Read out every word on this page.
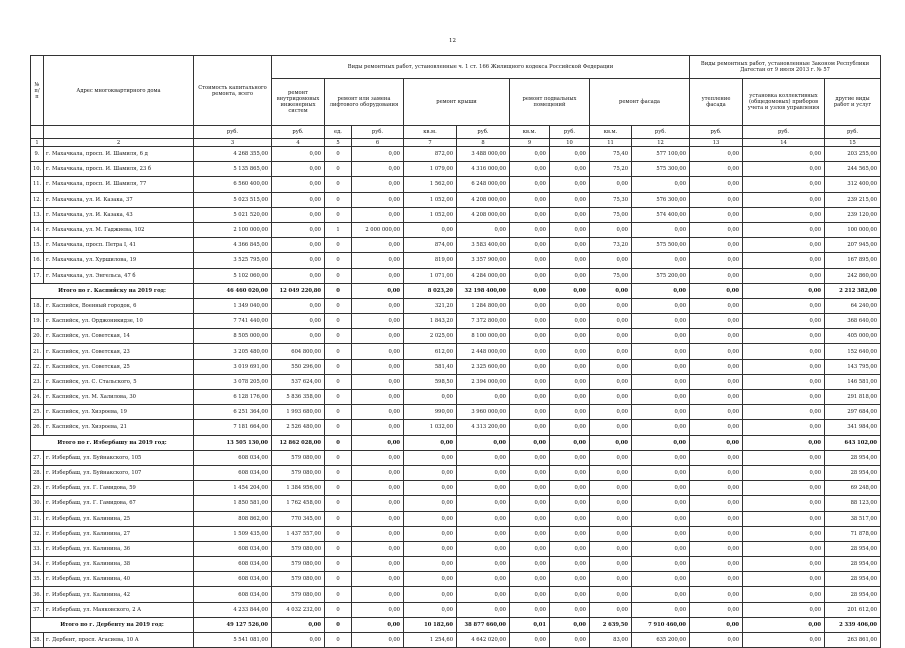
12
№ п/п	Адрес многоквартирного дома	Стоимость капитального ремонта, всего	Виды ремонтных работ, установленные ч. 1 ст. 166 Жилищного кодекса Российской Федерации									Виды ремонтных работ, установленные Законом Республики Дагестан от 9 июля 2013 г. № 57		
			ремонт внутридомовых инженерных систем	ремонт или замена лифтового оборудования		ремонт крыши		ремонт подвальных помещений		ремонт фасада		утепление фасада	установка коллективных (общедомовых) приборов учета и узлов управления	другие виды работ и услуг
		руб.	руб.	ед.	руб.	кв.м.	руб.	кв.м.	руб.	кв.м.	руб.	руб.	руб.	руб.
1	2	3	4	5	6	7	8	9	10	11	12	13	14	15
9.	г. Махачкала, просп. И. Шамиля, 6 д	4 268 355,00	0,00	0	0,00	872,00	3 488 000,00	0,00	0,00	75,40	577 100,00	0,00	0,00	203 255,00
10.	г. Махачкала, просп. И. Шамиля, 23 б	5 135 865,00	0,00	0	0,00	1 079,00	4 316 000,00	0,00	0,00	75,20	575 300,00	0,00	0,00	244 565,00
11.	г. Махачкала, просп. И. Шамиля, 77	6 560 400,00	0,00	0	0,00	1 562,00	6 248 000,00	0,00	0,00	0,00	0,00	0,00	0,00	312 400,00
12.	г. Махачкала, ул. И. Казака, 37	5 023 515,00	0,00	0	0,00	1 052,00	4 208 000,00	0,00	0,00	75,30	576 300,00	0,00	0,00	239 215,00
13.	г. Махачкала, ул. И. Казака, 43	5 021 520,00	0,00	0	0,00	1 052,00	4 208 000,00	0,00	0,00	75,00	574 400,00	0,00	0,00	239 120,00
14.	г. Махачкала, ул. М. Гаджиева, 102	2 100 000,00	0,00	1	2 000 000,00	0,00	0,00	0,00	0,00	0,00	0,00	0,00	0,00	100 000,00
15.	г. Махачкала, просп. Петра I, 41	4 366 845,00	0,00	0	0,00	874,00	3 583 400,00	0,00	0,00	73,20	575 500,00	0,00	0,00	207 945,00
16.	г. Махачкала, ул. Хуршилова, 19	3 525 795,00	0,00	0	0,00	819,00	3 357 900,00	0,00	0,00	0,00	0,00	0,00	0,00	167 895,00
17.	г. Махачкала, ул. Энгельса, 47 б	5 102 060,00	0,00	0	0,00	1 071,00	4 284 000,00	0,00	0,00	75,00	575 200,00	0,00	0,00	242 860,00
Итого по г. Каспийску на 2019 год:		46 460 020,00	12 049 220,80	0	0,00	8 023,20	32 198 400,00	0,00	0,00	0,00	0,00	0,00	0,00	2 212 382,00
18.	г. Каспийск, Военный городок, 6	1 349 040,00	0,00	0	0,00	321,20	1 284 800,00	0,00	0,00	0,00	0,00	0,00	0,00	64 240,00
19.	г. Каспийск, ул. Орджоникидзе, 10	7 741 440,00	0,00	0	0,00	1 843,20	7 372 800,00	0,00	0,00	0,00	0,00	0,00	0,00	368 640,00
20.	г. Каспийск, ул. Советская, 14	8 505 000,00	0,00	0	0,00	2 025,00	8 100 000,00	0,00	0,00	0,00	0,00	0,00	0,00	405 000,00
21.	г. Каспийск, ул. Советская, 23	3 205 480,00	604 800,00	0	0,00	612,00	2 448 000,00	0,00	0,00	0,00	0,00	0,00	0,00	152 640,00
22.	г. Каспийск, ул. Советская, 25	3 019 691,00	550 296,00	0	0,00	581,40	2 325 600,00	0,00	0,00	0,00	0,00	0,00	0,00	143 795,00
23.	г. Каспийск, ул. С. Стальского, 5	3 078 205,00	537 624,00	0	0,00	598,50	2 394 000,00	0,00	0,00	0,00	0,00	0,00	0,00	146 581,00
24.	г. Каспийск, ул. М. Халилова, 30	6 128 176,00	5 836 358,00	0	0,00	0,00	0,00	0,00	0,00	0,00	0,00	0,00	0,00	291 818,00
25.	г. Каспийск, ул. Хизроева, 19	6 251 364,00	1 993 680,00	0	0,00	990,00	3 960 000,00	0,00	0,00	0,00	0,00	0,00	0,00	297 684,00
26.	г. Каспийск, ул. Хизроева, 21	7 181 664,00	2 526 480,00	0	0,00	1 032,00	4 313 200,00	0,00	0,00	0,00	0,00	0,00	0,00	341 984,00
Итого по г. Избербашу на 2019 год:		13 505 130,00	12 862 028,00	0	0,00	0,00	0,00	0,00	0,00	0,00	0,00	0,00	0,00	643 102,00
27.	г. Избербаш, ул. Буйнакского, 105	608 034,00	579 080,00	0	0,00	0,00	0,00	0,00	0,00	0,00	0,00	0,00	0,00	28 954,00
28.	г. Избербаш, ул. Буйнакского, 107	608 034,00	579 080,00	0	0,00	0,00	0,00	0,00	0,00	0,00	0,00	0,00	0,00	28 954,00
29.	г. Избербаш, ул. Г. Гамидова, 59	1 454 204,00	1 384 956,00	0	0,00	0,00	0,00	0,00	0,00	0,00	0,00	0,00	0,00	69 248,00
30.	г. Избербаш, ул. Г. Гамидова, 67	1 850 581,00	1 762 458,00	0	0,00	0,00	0,00	0,00	0,00	0,00	0,00	0,00	0,00	88 123,00
31.	г. Избербаш, ул. Калинина, 25	808 862,00	770 345,00	0	0,00	0,00	0,00	0,00	0,00	0,00	0,00	0,00	0,00	38 517,00
32.	г. Избербаш, ул. Калинина, 27	1 509 435,00	1 437 557,00	0	0,00	0,00	0,00	0,00	0,00	0,00	0,00	0,00	0,00	71 878,00
33.	г. Избербаш, ул. Калинина, 36	608 034,00	579 080,00	0	0,00	0,00	0,00	0,00	0,00	0,00	0,00	0,00	0,00	28 954,00
34.	г. Избербаш, ул. Калинина, 38	608 034,00	579 080,00	0	0,00	0,00	0,00	0,00	0,00	0,00	0,00	0,00	0,00	28 954,00
35.	г. Избербаш, ул. Калинина, 40	608 034,00	579 080,00	0	0,00	0,00	0,00	0,00	0,00	0,00	0,00	0,00	0,00	28 954,00
36.	г. Избербаш, ул. Калинина, 42	608 034,00	579 080,00	0	0,00	0,00	0,00	0,00	0,00	0,00	0,00	0,00	0,00	28 954,00
37.	г. Избербаш, ул. Маяковского, 2 А	4 233 844,00	4 032 232,00	0	0,00	0,00	0,00	0,00	0,00	0,00	0,00	0,00	0,00	201 612,00
Итого по г. Дербенту на 2019 год:		49 127 526,00	0,00	0	0,00	10 182,60	38 877 660,00	0,01	0,00	2 639,50	7 910 460,00	0,00	0,00	2 339 406,00
38.	г. Дербент, просп. Агасиева, 10 А	5 541 081,00	0,00	0	0,00	1 254,60	4 642 020,00	0,00	0,00	83,00	635 200,00	0,00	0,00	263 861,00
